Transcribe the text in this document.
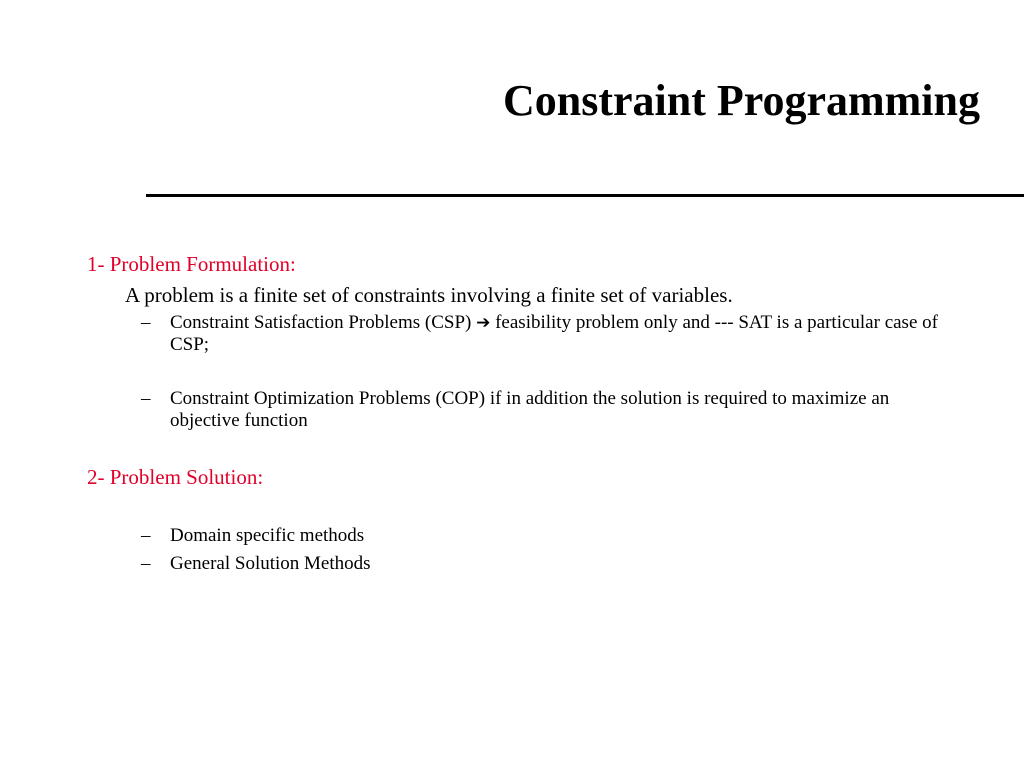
Constraint Programming
1- Problem Formulation:
A problem is a finite set of constraints involving a finite set of variables.
– Constraint Satisfaction Problems (CSP) ➔ feasibility problem only and --- SAT is a particular case of CSP;
– Constraint Optimization Problems (COP) if in addition the solution is required to maximize an objective function
2- Problem Solution:
– Domain specific methods
– General Solution Methods
